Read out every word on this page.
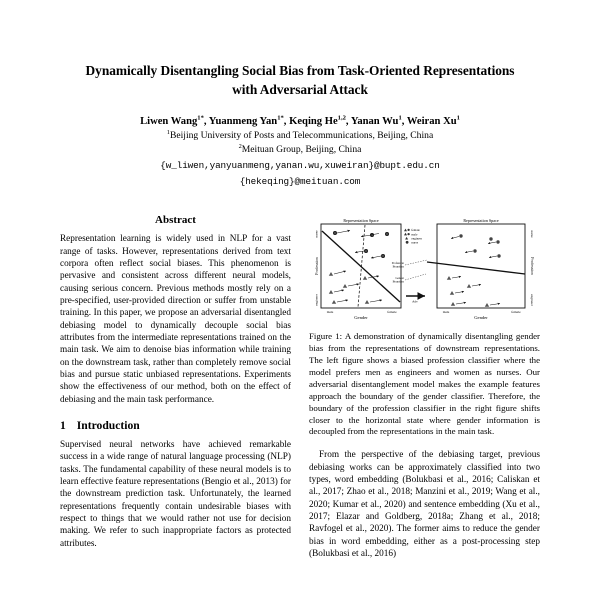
Dynamically Disentangling Social Bias from Task-Oriented Representations with Adversarial Attack
Liwen Wang$^{1*}$, Yuanmeng Yan$^{1*}$, Keqing He$^{1,2}$, Yanan Wu$^1$, Weiran Xu$^1$
$^1$Beijing University of Posts and Telecommunications, Beijing, China
$^2$Meituan Group, Beijing, China
{w_liwen,yanyuanmeng,yanan.wu,xuweiran}@bupt.edu.cn
{hekeqing}@meituan.com
Abstract

Representation learning is widely used in NLP for a vast range of tasks. However, representations derived from text corpora often reflect social biases. This phenomenon is pervasive and consistent across different neural models, causing serious concern. Previous methods mostly rely on a pre-specified, user-provided direction or suffer from unstable training. In this paper, we propose an adversarial disentangled debiasing model to dynamically decouple social bias attributes from the intermediate representations trained on the main task. We aim to denoise bias information while training on the downstream task, rather than completely remove social bias and pursue static unbiased representations. Experiments show the effectiveness of our method, both on the effect of debiasing and the main task performance.

1 Introduction

Supervised neural networks have achieved remarkable success in a wide range of natural language processing (NLP) tasks. The fundamental capability of these neural models is to learn effective feature representations (Bengio et al., 2013) for the downstream prediction task. Unfortunately, the learned representations frequently contain undesirable biases with respect to things that we would rather not use for decision making. We refer to such inappropriate factors as protected attributes.

Representation Space
Profession
nurse
engineer
Gender
male	female
female
male
engineer
nurse
Profession
Boundary
Gender
Boundary
Adv
Representation Space
Profession
nurse
engineer
Gender
male	female

Figure 1: A demonstration of dynamically disentangling gender bias from the representations of downstream representations. The left figure shows a biased profession classifier where the model prefers men as engineers and women as nurses. Our adversarial disentanglement model makes the example features approach the boundary of the gender classifier. Therefore, the boundary of the profession classifier in the right figure shifts closer to the horizontal state where gender information is decoupled from the representations in the main task.

From the perspective of the debiasing target, previous debiasing works can be approximately classified into two types, word embedding (Bolukbasi et al., 2016; Caliskan et al., 2017; Zhao et al., 2018; Manzini et al., 2019; Wang et al., 2020; Kumar et al., 2020) and sentence embedding (Xu et al., 2017; Elazar and Goldberg, 2018a; Zhang et al., 2018; Ravfogel et al., 2020). The former aims to reduce the gender bias in word embedding, either as a post-processing step (Bolukbasi et al., 2016)
